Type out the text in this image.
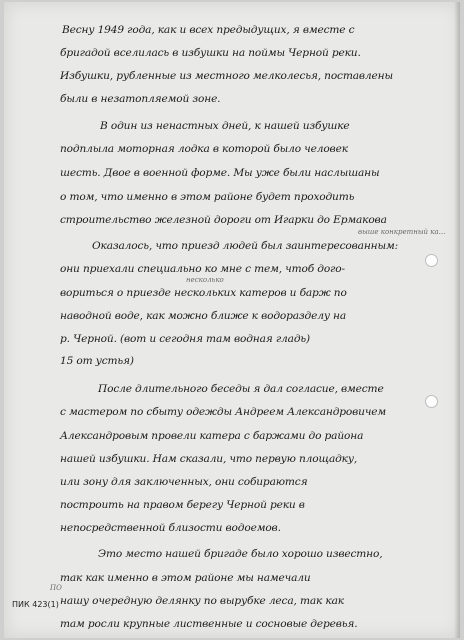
Весну 1949 года, как и всех предыдущих, я вместе с

бригадой вселилась в избушки на поймы Черной реки.

Избушки, рубленные из местного мелколесья, поставлены

были в незатопляемой зоне.

В один из ненастных дней, к нашей избушке

подплыла моторная лодка в которой было человек

шесть. Двое в военной форме. Мы уже были наслышаны

о том, что именно в этом районе будет проходить

строительство железной дороги от Игарки до Ермакова

Оказалось, что приезд людей был заинтересованным:

они приехали специально ко мне с тем, чтоб дого-

вориться о приезде нескольких катеров и барж по

наводной воде, как можно ближе к водоразделу на

р. Черной. (вот и сегодня там водная гладь)

15 от устья)

После длительного беседы я дал согласие, вместе

с мастером по сбыту одежды Андреем Александровичем

Александровым провели катера с баржами до района

нашей избушки. Нам сказали, что первую площадку,

или зону для заключенных, они собираются

построить на правом берегу Черной реки в

непосредственной близости водоемов.

Это место нашей бригаде было хорошо известно,

так как именно в этом районе мы намечали

нашу очередную делянку по вырубке леса, так как

там росли крупные лиственные и сосновые деревья.

выше конкретный ка...
несколько
ПО
ПИК 423(1)
